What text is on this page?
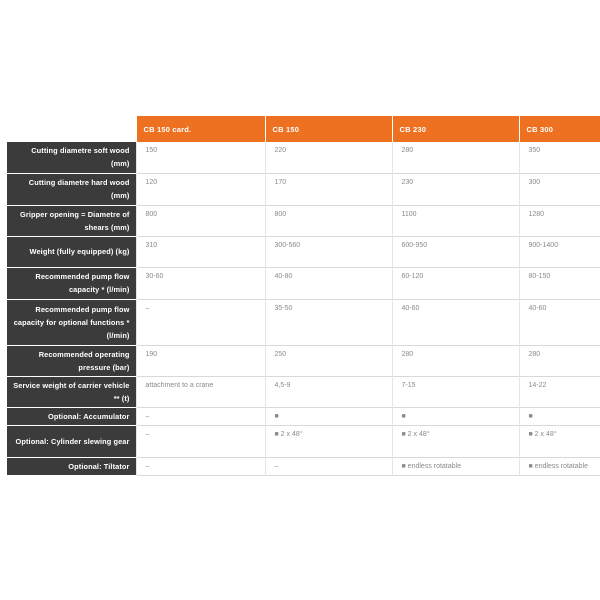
	CB 150 card.	CB 150	CB 230	CB 300
Cutting diametre soft wood (mm)	150	220	280	350
Cutting diametre hard wood (mm)	120	170	230	300
Gripper opening = Diametre of shears (mm)	800	800	1100	1280
Weight (fully equipped) (kg)	310	300-560	600-950	900-1400
Recommended pump flow capacity * (l/min)	30-60	40-80	60-120	80-150
Recommended pump flow capacity for optional functions * (l/min)	–	35-50	40-60	40-60
Recommended operating pressure (bar)	190	250	280	280
Service weight of carrier vehicle ** (t)	attachment to a crane	4,5-9	7-15	14-22
Optional: Accumulator	–	■	■	■
Optional: Cylinder slewing gear	–	■ 2 x 48°	■ 2 x 48°	■ 2 x 48°
Optional: Tiltator	–	–	■ endless rotatable	■ endless rotatable
